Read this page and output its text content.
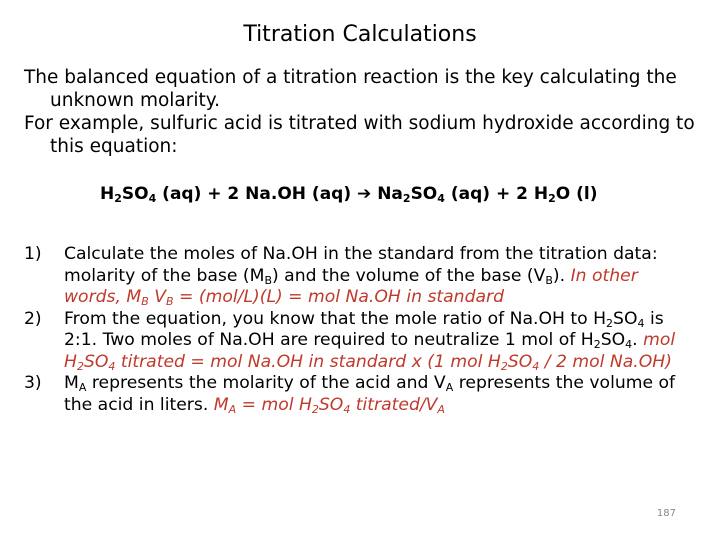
Titration Calculations

The balanced equation of a titration reaction is the key calculating the unknown molarity.

For example, sulfuric acid is titrated with sodium hydroxide according to this equation:

$H_2SO_4$ (aq) + 2 Na.OH (aq) ➔ $Na_2SO_4$ (aq) + 2 $H_2O$ (l)
1) Calculate the moles of Na.OH in the standard from the titration data: molarity of the base $(M_B)$ and the volume of the base $(V_B)$. In other words, $M_B$ $V_B = (mol/L)(L)$ = mol Na.OH in standard
2) From the equation, you know that the mole ratio of Na.OH to $H_2SO_4$ is 2:1. Two moles of Na.OH are required to neutralize 1 mol of $H_2SO_4$. mol $H_2SO_4$ titrated = mol Na.OH in standard x (1 mol $H_2SO_4 / 2$ mol Na.OH)
3) $M_A$ represents the molarity of the acid and $V_A$ represents the volume of the acid in liters. $M_A$ = mol $H_2SO_4$ titrated/$V_A$
187
